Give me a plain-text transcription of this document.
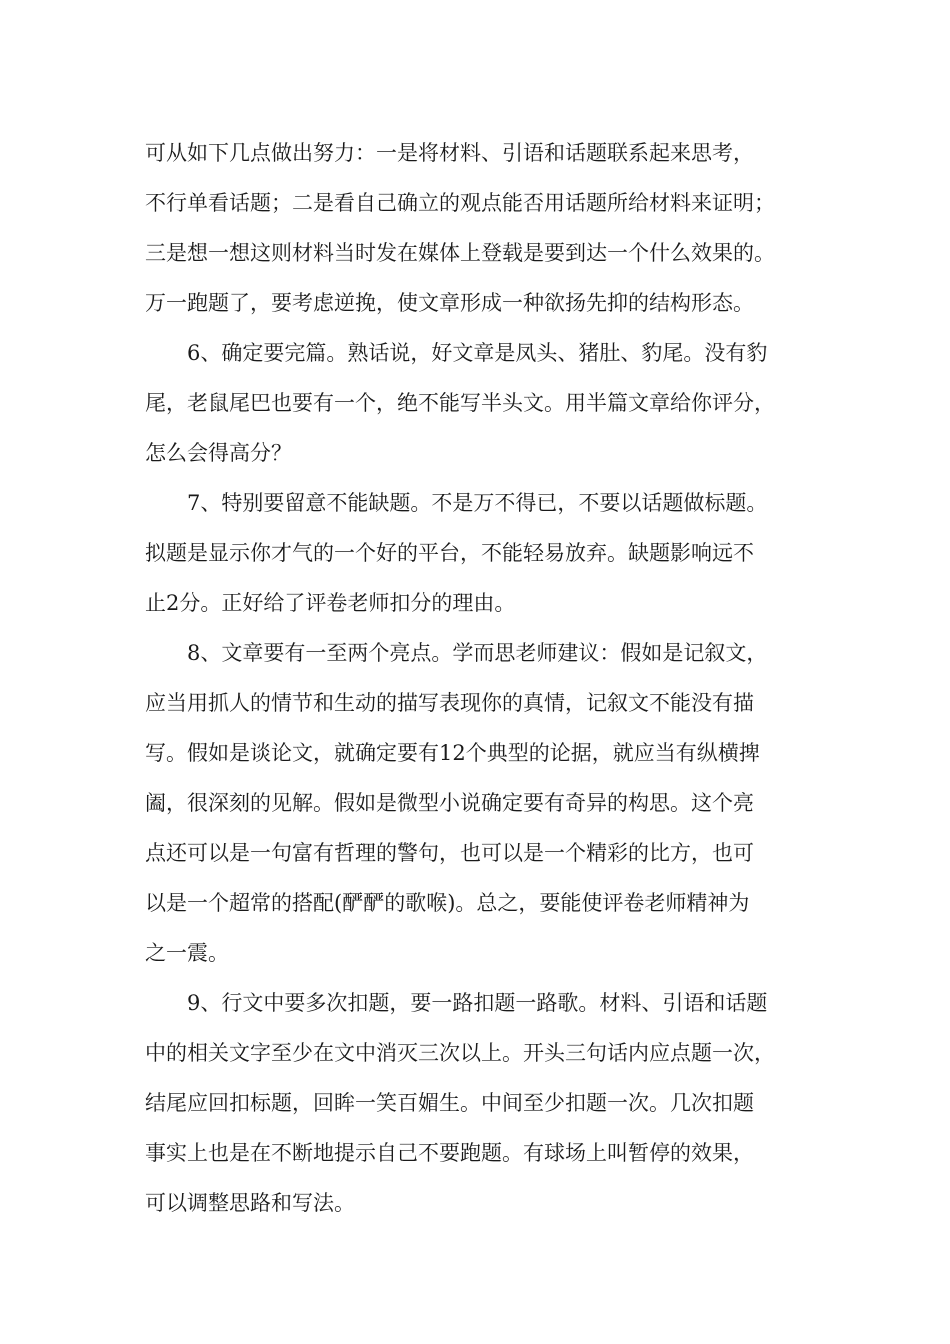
可从如下几点做出努力：一是将材料、引语和话题联系起来思考，
不行单看话题；二是看自己确立的观点能否用话题所给材料来证明；
三是想一想这则材料当时发在媒体上登载是要到达一个什么效果的。
万一跑题了，要考虑逆挽，使文章形成一种欲扬先抑的结构形态。
6、确定要完篇。熟话说，好文章是凤头、猪肚、豹尾。没有豹
尾，老鼠尾巴也要有一个，绝不能写半头文。用半篇文章给你评分，
怎么会得高分？
7、特别要留意不能缺题。不是万不得已，不要以话题做标题。
拟题是显示你才气的一个好的平台，不能轻易放弃。缺题影响远不
止2分。正好给了评卷老师扣分的理由。
8、文章要有一至两个亮点。学而思老师建议：假如是记叙文，
应当用抓人的情节和生动的描写表现你的真情，记叙文不能没有描
写。假如是谈论文，就确定要有12个典型的论据，就应当有纵横捭
阖，很深刻的见解。假如是微型小说确定要有奇异的构思。这个亮
点还可以是一句富有哲理的警句，也可以是一个精彩的比方，也可
以是一个超常的搭配(酽酽的歌喉)。总之，要能使评卷老师精神为
之一震。
9、行文中要多次扣题，要一路扣题一路歌。材料、引语和话题
中的相关文字至少在文中消灭三次以上。开头三句话内应点题一次，
结尾应回扣标题，回眸一笑百媚生。中间至少扣题一次。几次扣题
事实上也是在不断地提示自己不要跑题。有球场上叫暂停的效果，
可以调整思路和写法。
